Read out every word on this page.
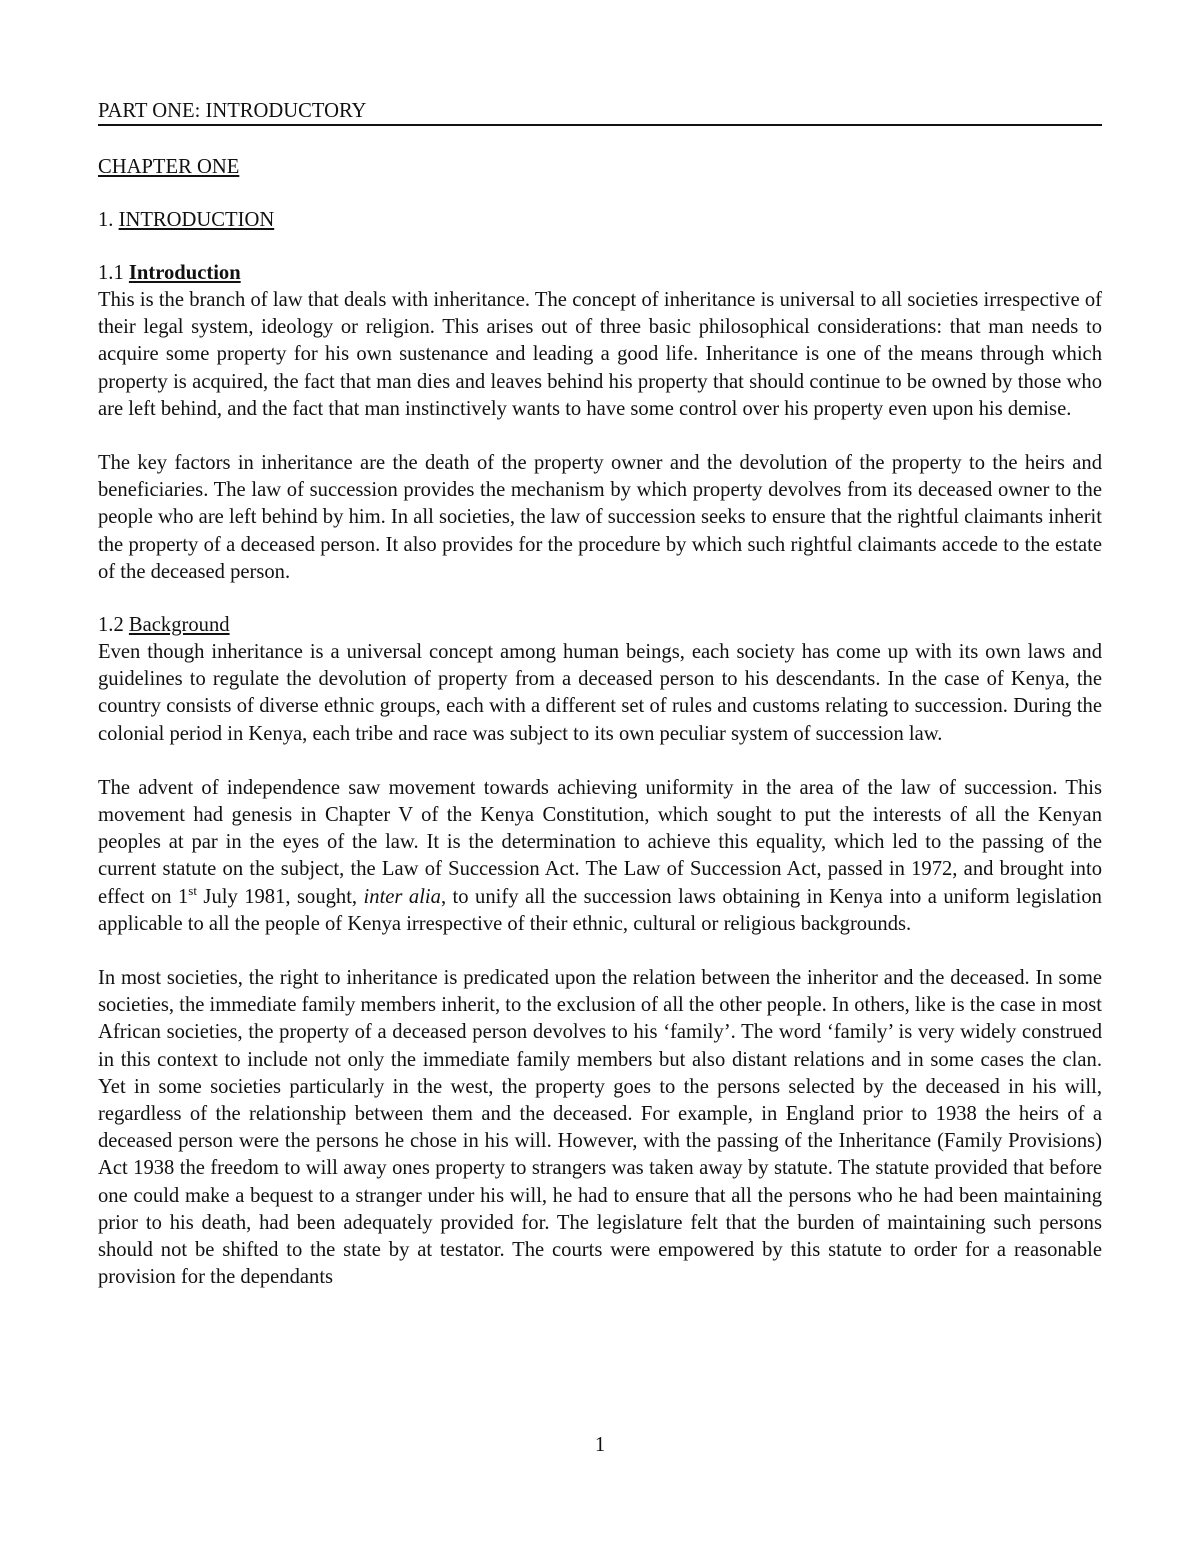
PART ONE: INTRODUCTORY
CHAPTER ONE
1. INTRODUCTION
1.1 Introduction

This is the branch of law that deals with inheritance. The concept of inheritance is universal to all societies irrespective of their legal system, ideology or religion. This arises out of three basic philosophical considerations: that man needs to acquire some property for his own sustenance and leading a good life. Inheritance is one of the means through which property is acquired, the fact that man dies and leaves behind his property that should continue to be owned by those who are left behind, and the fact that man instinctively wants to have some control over his property even upon his demise.

The key factors in inheritance are the death of the property owner and the devolution of the property to the heirs and beneficiaries. The law of succession provides the mechanism by which property devolves from its deceased owner to the people who are left behind by him. In all societies, the law of succession seeks to ensure that the rightful claimants inherit the property of a deceased person. It also provides for the procedure by which such rightful claimants accede to the estate of the deceased person.

1.2 Background

Even though inheritance is a universal concept among human beings, each society has come up with its own laws and guidelines to regulate the devolution of property from a deceased person to his descendants. In the case of Kenya, the country consists of diverse ethnic groups, each with a different set of rules and customs relating to succession. During the colonial period in Kenya, each tribe and race was subject to its own peculiar system of succession law.

The advent of independence saw movement towards achieving uniformity in the area of the law of succession. This movement had genesis in Chapter V of the Kenya Constitution, which sought to put the interests of all the Kenyan peoples at par in the eyes of the law. It is the determination to achieve this equality, which led to the passing of the current statute on the subject, the Law of Succession Act. The Law of Succession Act, passed in 1972, and brought into effect on 1st July 1981, sought, inter alia, to unify all the succession laws obtaining in Kenya into a uniform legislation applicable to all the people of Kenya irrespective of their ethnic, cultural or religious backgrounds.

In most societies, the right to inheritance is predicated upon the relation between the inheritor and the deceased. In some societies, the immediate family members inherit, to the exclusion of all the other people. In others, like is the case in most African societies, the property of a deceased person devolves to his ‘family’. The word ‘family’ is very widely construed in this context to include not only the immediate family members but also distant relations and in some cases the clan. Yet in some societies particularly in the west, the property goes to the persons selected by the deceased in his will, regardless of the relationship between them and the deceased. For example, in England prior to 1938 the heirs of a deceased person were the persons he chose in his will. However, with the passing of the Inheritance (Family Provisions) Act 1938 the freedom to will away ones property to strangers was taken away by statute. The statute provided that before one could make a bequest to a stranger under his will, he had to ensure that all the persons who he had been maintaining prior to his death, had been adequately provided for. The legislature felt that the burden of maintaining such persons should not be shifted to the state by at testator. The courts were empowered by this statute to order for a reasonable provision for the dependants

1
